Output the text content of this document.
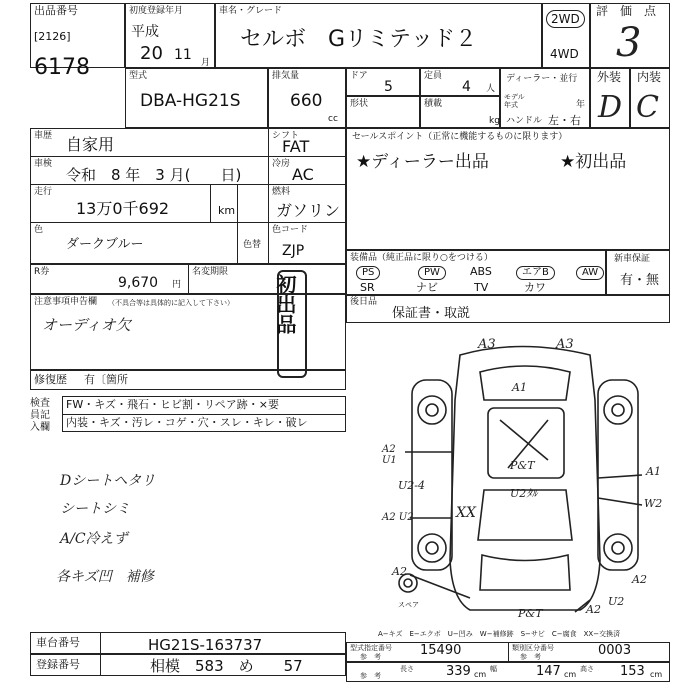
出品番号
[2126]
6178
初度登録年月
平成
20 11 月
車名・グレード
セルボ　Gリミテッド２
2WD
4WD
評　価　点
3
型式
DBA-HG21S
排気量
660
cc
ドア
5
定員
4 人
形状	積載
kg
ディーラー・並行
モデル年式	年
ハンドル 左・右
外装
D
内装
C
車歴 自家用	シフト
FAT
車検
令和　8 年　3 月(　　日)
冷房
AC
走行
13万0千692	km
燃料
ガソリン
色
ダークブルー	色替
色コード
ZJP
R券
9,670 円
名変期限
初出品
セールスポイント（正常に機能するものに限ります）
★ディーラー出品	★初出品
装備品（純正品に限り○をつける）
PS	PW	ABS	エアB	AW
SR	ナビ	TV	カワ
新車保証
有・無
後日品
保証書・取説
注意事項申告欄 （不具合等は具体的に記入して下さい）
オーディオ欠
修復歴 有〔箇所
検査員記入欄
FW・キズ・飛石・ヒビ割・リペア跡・×要
内装・キズ・汚レ・コゲ・穴・スレ・キレ・破レ
Dシートヘタリ
シートシミ
A/C冷えず
各キズ凹　補修
A3	A3
A1
A2 U1
U2-4
P&T
U2ﾀﾙ
A2 U2	XX
A1
W2
A2
A2
U2
A2
スペア
P&T
A−キズ　E−エクボ　U−凹み　W−補修跡　S−サビ　C−腐食　XX−交換済
車台番号	HG21S-163737
登録番号	相模　583　め　　57
型式指定番号
参　考	15490	類別区分番号
参　考	0003
参　考
長さ 339 cm
幅	147 cm
高さ 153 cm
